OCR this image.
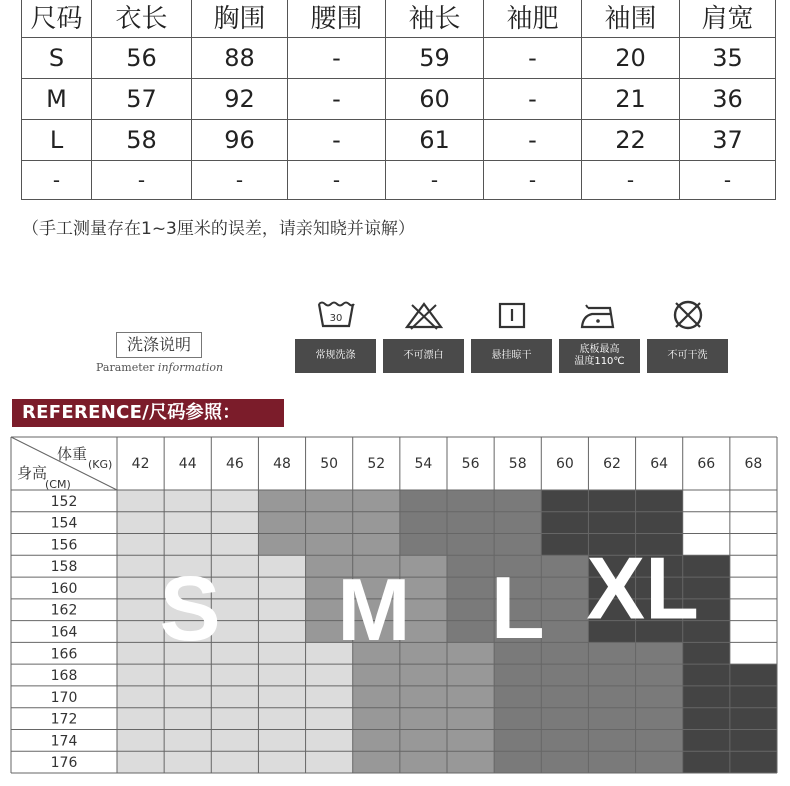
尺码	衣长	胸围	腰围	袖长	袖肥	袖围	肩宽
S	56	88	-	59	-	20	35
M	57	92	-	60	-	21	36
L	58	96	-	61	-	22	37
-	-	-	-	-	-	-	-
（手工测量存在1~3厘米的误差，请亲知晓并谅解）
洗涤说明
Parameter information
30
常规洗涤	不可漂白	悬挂晾干
底板最高
温度110℃
不可干洗
REFERENCE/尺码参照：
体重
(KG)
身高
(CM)
42 44 46 48 50 52 54 56 58 60 62 64 66 68
152
154
156
158
160
162
164
166
168
170
172
174
176
S M L XL
